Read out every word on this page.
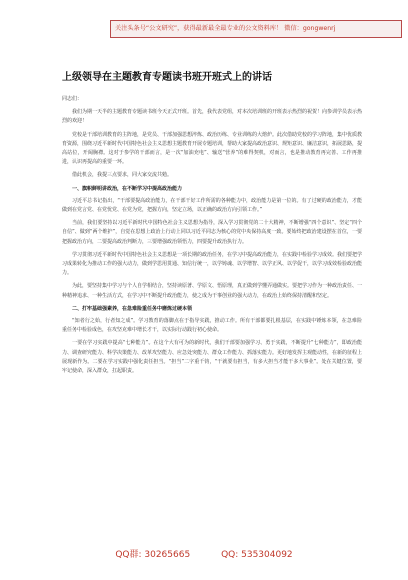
关注头条号“公文研究”，获得最新最全最专业的公文资料库！ 微信：gongwenrj
上级领导在主题教育专题读书班开班式上的讲话

同志们：

我们为期一天半的主题教育专题读书班今天正式开班。首先，我代表党组，对本次培训班的开班表示热烈的祝贺！向参训学员表示热烈的欢迎！

党校是干部培训教育的主阵地，是党员、干部加强思想淬炼、政治历练、专业训练的大熔炉。此次借助党校的学习阵地，集中优质教育资源，围绕习近平新时代中国特色社会主义思想主题教育开展专题培训，帮助大家提高政治意识、规矩意识、廉洁意识，拓展思路，提高站位，开阔胸襟。这对于参学的干部而言，是一次“加油充电”、输送“营养”的难得契机，对而言，也是推动教育再完善、工作再推进，认识再提高的重要一环。

借此机会，我提三点要求，同大家交流共勉。

一、旗帜鲜明讲政治，在不断学习中提高政治能力

习近平总书记指出，“干部要提高政治能力，在干部干好工作所需的各种能力中，政治能力是第一位的。有了过硬的政治能力，才能做到在党言党、在党忧党、在党为党，把握方向，坚定立场，以正确的政治方向引领工作。”

当前，我们要坚持以习近平新时代中国特色社会主义思想为指导，深入学习贯彻党的二十大精神，不断增强“四个意识”、坚定“四个自信”、做到“两个维护”，自觉在思想上政治上行动上同以习近平同志为核心的党中央保持高度一致。要始终把政治建设摆在首位，一要把握政治方向，二要提高政治判断力，三要增强政治领悟力，四要提升政治执行力。

学习贯彻习近平新时代中国特色社会主义思想是一项长期的政治任务，在学习中提高政治能力，在实践中检验学习成效。我们要把学习成果转化为推动工作的强大动力，做到学思用贯通、知信行统一，以学铸魂、以学增智、以学正风、以学促干，以学习成效检验政治能力。

为此，要坚持集中学习与个人自学相结合，坚持读原著、学原文、悟原理，真正做到学懂弄通做实。要把学习作为一种政治责任、一种精神追求、一种生活方式，在学习中不断提升政治能力，使之成为干事创业的强大动力，在政治上始终保持清醒和坚定。

二、打牢基础强素养，在急难险重任务中磨炼过硬本领

“知者行之始，行者知之成”。学习教育的落脚点在于指导实践，推动工作。所有干部都要扎根基层，在实践中锤炼本领，在急难险重任务中检验成色，在攻坚克难中增长才干，以实际行动践行初心使命。

一要在学习实践中提高“七种能力”。在这个大有可为的新时代，我们干部要加强学习、勇于实践，不断提升“七种能力”，即政治能力、调查研究能力、科学决策能力、改革攻坚能力、应急处突能力、群众工作能力、抓落实能力。更好地发挥主观能动性，在新的征程上展现新作为。二要在学习实践中强化责任担当。“担当”二字重千钧，“干就要有担当，有多大担当才能干多大事业”。处在关键位置，要牢记使命，深入群众，扛起职责。

QQ群: 30265665	QQ: 535304092
